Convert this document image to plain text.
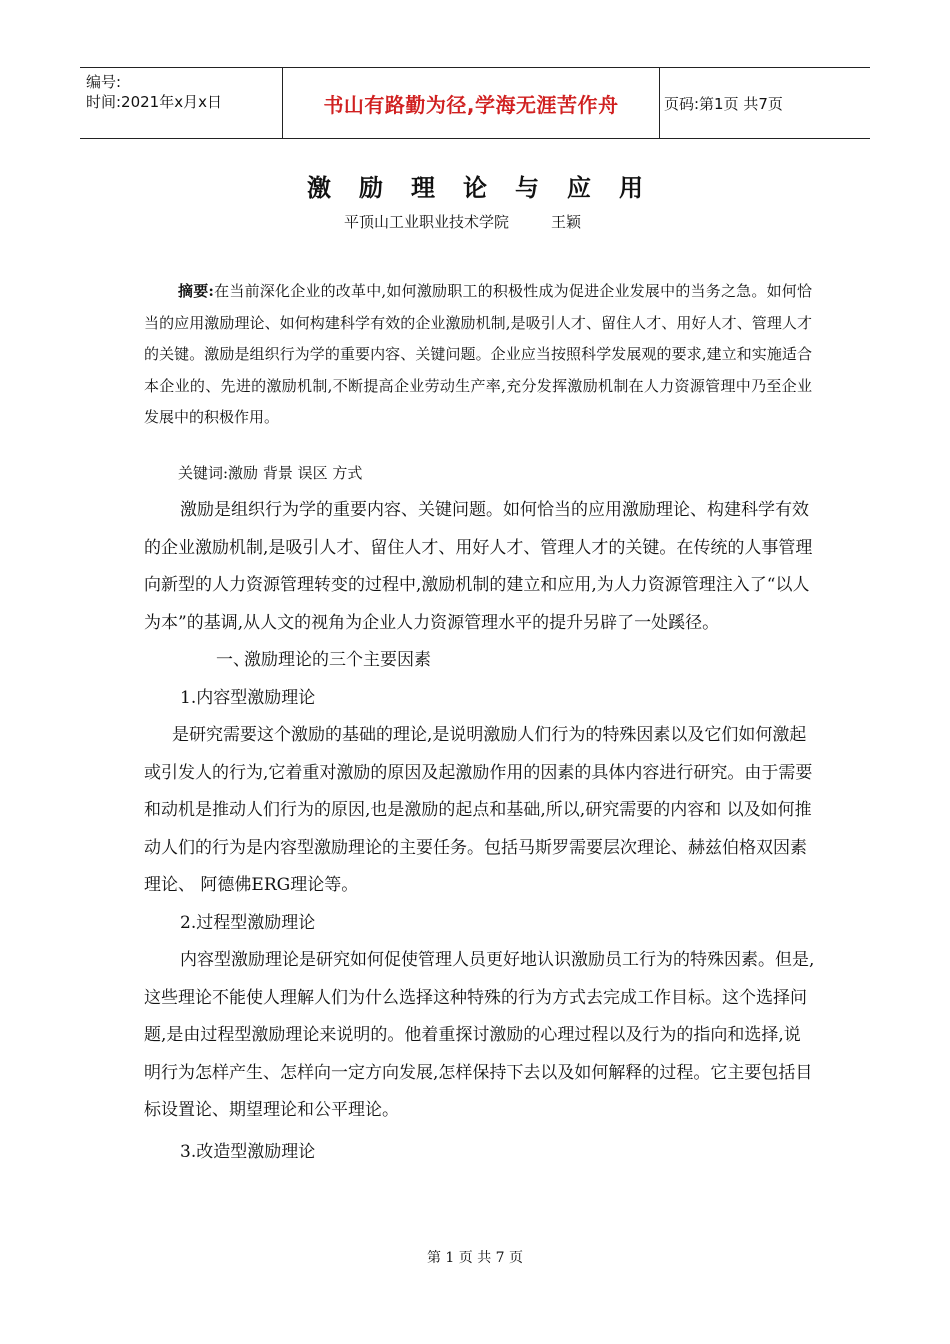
编号:
时间:2021年x月x日	书山有路勤为径,学海无涯苦作舟	页码:第1页 共7页
激励理论与应用
平顶山工业职业技术学院	王颖

摘要:在当前深化企业的改革中,如何激励职工的积极性成为促进企业发展中的当务之急。如何恰当的应用激励理论、如何构建科学有效的企业激励机制,是吸引人才、留住人才、用好人才、管理人才的关键。激励是组织行为学的重要内容、关键问题。企业应当按照科学发展观的要求,建立和实施适合本企业的、先进的激励机制,不断提高企业劳动生产率,充分发挥激励机制在人力资源管理中乃至企业发展中的积极作用。

关键词:激励 背景 误区 方式

激励是组织行为学的重要内容、关键问题。如何恰当的应用激励理论、构建科学有效的企业激励机制,是吸引人才、留住人才、用好人才、管理人才的关键。在传统的人事管理向新型的人力资源管理转变的过程中,激励机制的建立和应用,为人力资源管理注入了“以人为本”的基调,从人文的视角为企业人力资源管理水平的提升另辟了一处蹊径。

一、激励理论的三个主要因素

1.内容型激励理论

是研究需要这个激励的基础的理论,是说明激励人们行为的特殊因素以及它们如何激起或引发人的行为,它着重对激励的原因及起激励作用的因素的具体内容进行研究。由于需要和动机是推动人们行为的原因,也是激励的起点和基础,所以,研究需要的内容和 以及如何推动人们的行为是内容型激励理论的主要任务。包括马斯罗需要层次理论、赫兹伯格双因素理论、 阿德佛ERG理论等。

2.过程型激励理论

内容型激励理论是研究如何促使管理人员更好地认识激励员工行为的特殊因素。但是,这些理论不能使人理解人们为什么选择这种特殊的行为方式去完成工作目标。这个选择问题,是由过程型激励理论来说明的。他着重探讨激励的心理过程以及行为的指向和选择,说明行为怎样产生、怎样向一定方向发展,怎样保持下去以及如何解释的过程。它主要包括目标设置论、期望理论和公平理论。

3.改造型激励理论

第 1 页 共 7 页
